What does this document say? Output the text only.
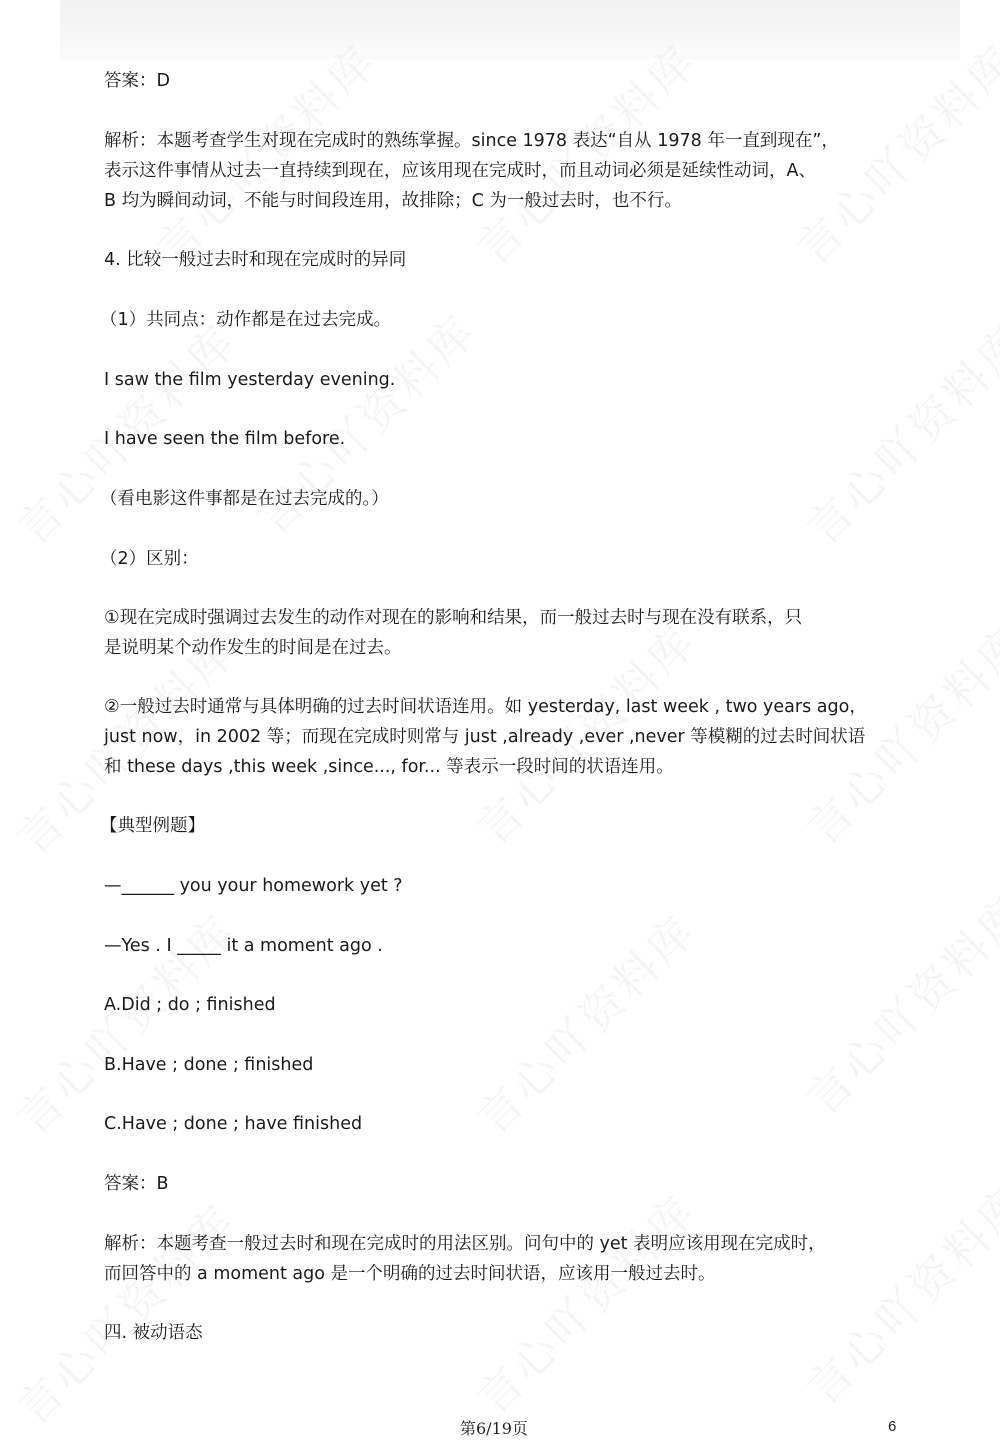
答案：D
解析：本题考查学生对现在完成时的熟练掌握。since 1978 表达“自从 1978 年一直到现在”，
表示这件事情从过去一直持续到现在，应该用现在完成时，而且动词必须是延续性动词，A、
B 均为瞬间动词，不能与时间段连用，故排除；C 为一般过去时，也不行。
4. 比较一般过去时和现在完成时的异同
（1）共同点：动作都是在过去完成。
I saw the film yesterday evening.
I have seen the film before.
（看电影这件事都是在过去完成的。）
（2）区别：
①现在完成时强调过去发生的动作对现在的影响和结果，而一般过去时与现在没有联系，只
是说明某个动作发生的时间是在过去。
②一般过去时通常与具体明确的过去时间状语连用。如 yesterday, last week , two years ago，
just now，in 2002 等；而现在完成时则常与 just ,already ,ever ,never 等模糊的过去时间状语
和 these days ,this week ,since..., for... 等表示一段时间的状语连用。
【典型例题】
—______ you your homework yet ?
—Yes . I _____ it a moment ago .
A.Did ; do ; finished
B.Have ; done ; finished
C.Have ; done ; have finished
答案：B
解析：本题考查一般过去时和现在完成时的用法区别。问句中的 yet 表明应该用现在完成时，
而回答中的 a moment ago 是一个明确的过去时间状语，应该用一般过去时。
四. 被动语态
第6/19页	6
